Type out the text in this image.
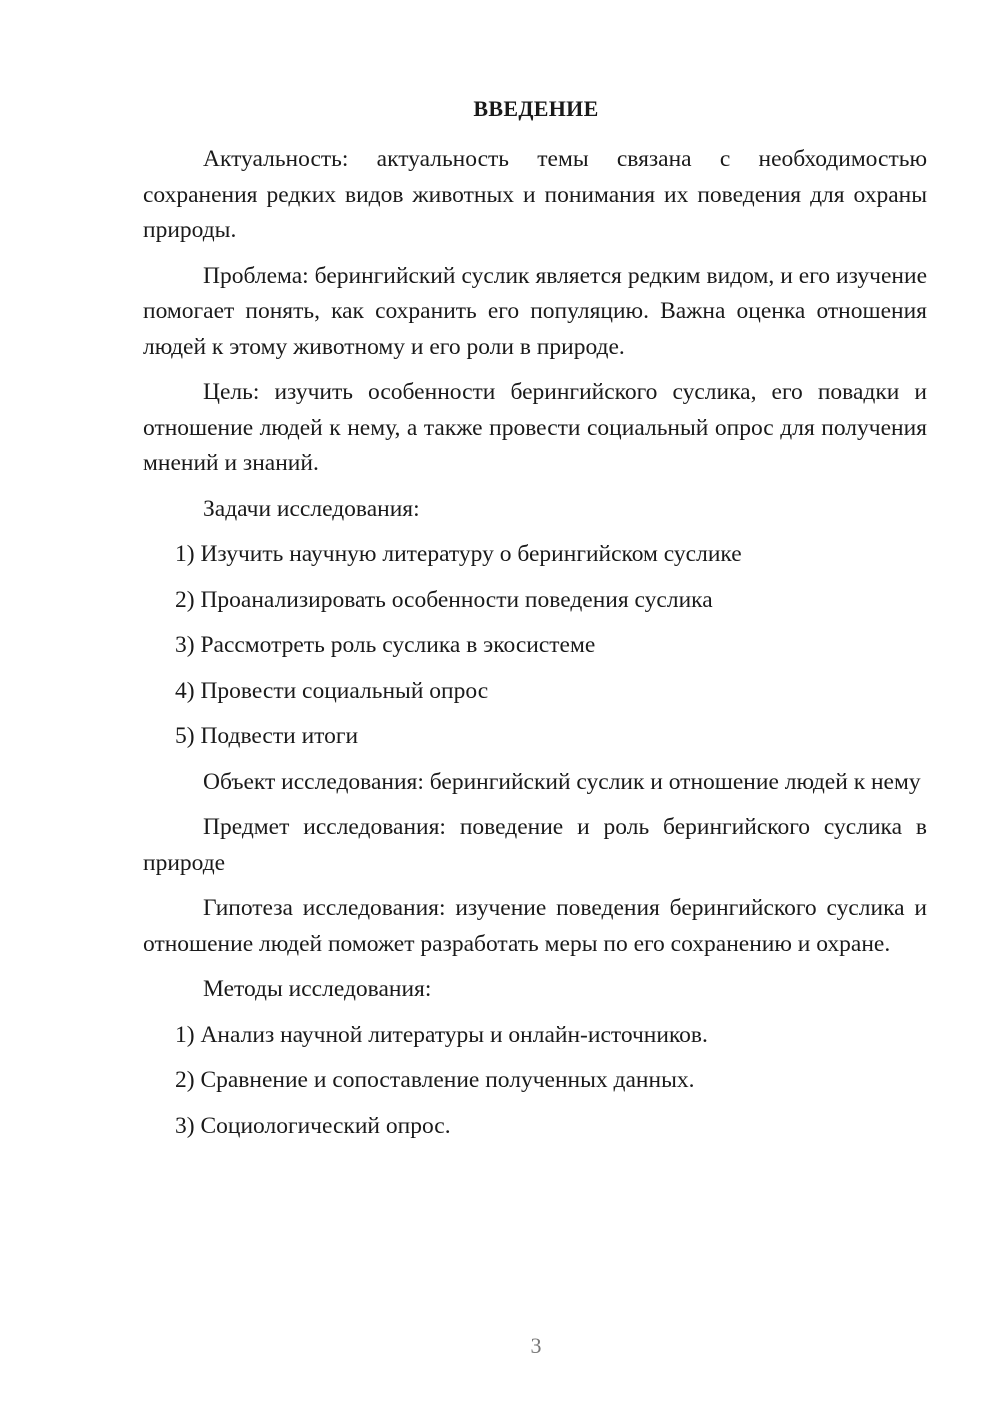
ВВЕДЕНИЕ

Актуальность: актуальность темы связана с необходимостью сохранения редких видов животных и понимания их поведения для охраны природы.

Проблема: берингийский суслик является редким видом, и его изучение помогает понять, как сохранить его популяцию. Важна оценка отношения людей к этому животному и его роли в природе.

Цель: изучить особенности берингийского суслика, его повадки и отношение людей к нему, а также провести социальный опрос для получения мнений и знаний.

Задачи исследования:

1) Изучить научную литературу о берингийском суслике

2) Проанализировать особенности поведения суслика

3) Рассмотреть роль суслика в экосистеме

4) Провести социальный опрос

5) Подвести итоги

Объект исследования: берингийский суслик и отношение людей к нему

Предмет исследования: поведение и роль берингийского суслика в природе

Гипотеза исследования: изучение поведения берингийского суслика и отношение людей поможет разработать меры по его сохранению и охране.

Методы исследования:

1) Анализ научной литературы и онлайн-источников.

2) Сравнение и сопоставление полученных данных.

3) Социологический опрос.

3
